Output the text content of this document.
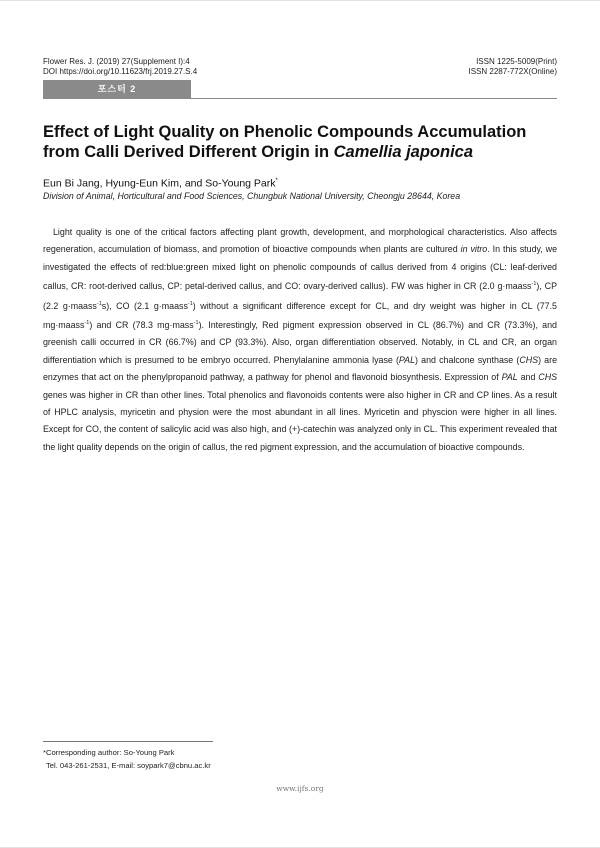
Flower Res. J. (2019) 27(Supplement I):4	ISSN 1225-5009(Print)
DOI https://doi.org/10.11623/frj.2019.27.S.4	ISSN 2287-772X(Online)
포스터 2
Effect of Light Quality on Phenolic Compounds Accumulation from Calli Derived Different Origin in Camellia japonica
Eun Bi Jang, Hyung-Eun Kim, and So-Young Park*
Division of Animal, Horticultural and Food Sciences, Chungbuk National University, Cheongju 28644, Korea

Light quality is one of the critical factors affecting plant growth, development, and morphological characteristics. Also affects regeneration, accumulation of biomass, and promotion of bioactive compounds when plants are cultured in vitro. In this study, we investigated the effects of red:blue:green mixed light on phenolic compounds of callus derived from 4 origins (CL: leaf-derived callus, CR: root-derived callus, CP: petal-derived callus, and CO: ovary-derived callus). FW was higher in CR (2.0 g·maass$^{-1}$), CP (2.2 g·maass$^{-1}$s), CO (2.1 g·maass$^{-1}$) without a significant difference except for CL, and dry weight was higher in CL (77.5 mg·maass$^{-1}$) and CR (78.3 mg·mass$^{-1}$). Interestingly, Red pigment expression observed in CL (86.7%) and CR (73.3%), and greenish calli occurred in CR (66.7%) and CP (93.3%). Also, organ differentiation observed. Notably, in CL and CR, an organ differentiation which is presumed to be embryo occurred. Phenylalanine ammonia lyase (PAL) and chalcone synthase (CHS) are enzymes that act on the phenylpropanoid pathway, a pathway for phenol and flavonoid biosynthesis. Expression of PAL and CHS genes was higher in CR than other lines. Total phenolics and flavonoids contents were also higher in CR and CP lines. As a result of HPLC analysis, myricetin and physion were the most abundant in all lines. Myricetin and physcion were higher in all lines. Except for CO, the content of salicylic acid was also high, and (+)-catechin was analyzed only in CL. This experiment revealed that the light quality depends on the origin of callus, the red pigment expression, and the accumulation of bioactive compounds.

*Corresponding author: So-Young Park
Tel. 043-261-2531, E-mail: soypark7@cbnu.ac.kr
www.ijfs.org
